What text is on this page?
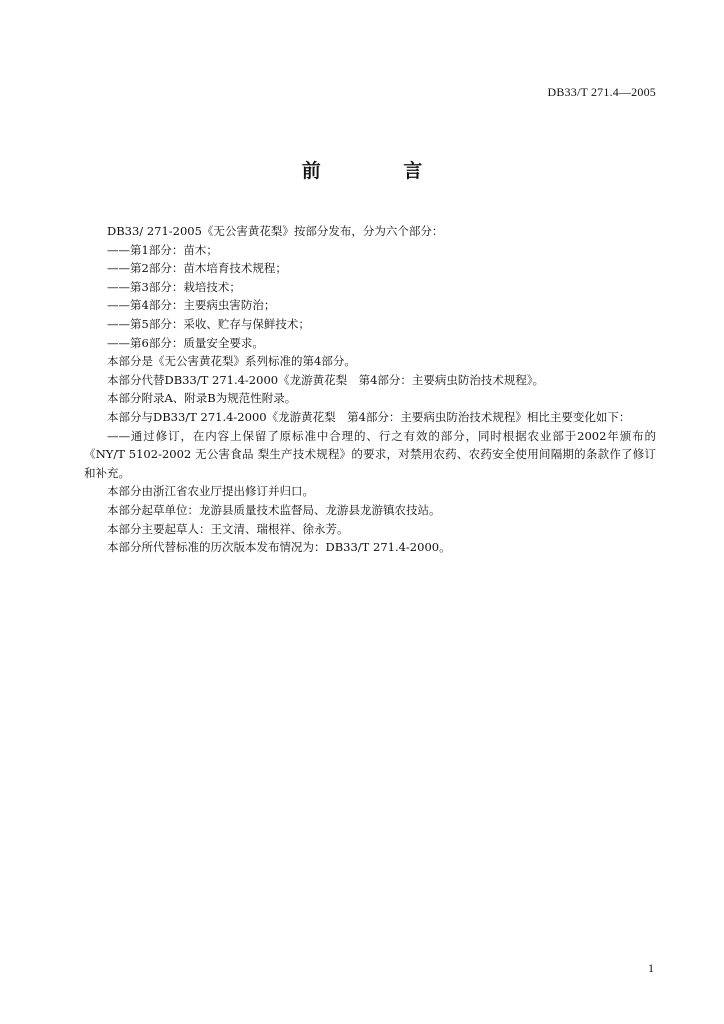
DB33/T 271.4—2005
前 言

DB33/ 271-2005《无公害黄花梨》按部分发布，分为六个部分：

——第1部分：苗木；

——第2部分：苗木培育技术规程；

——第3部分：栽培技术；

——第4部分：主要病虫害防治；

——第5部分：采收、贮存与保鲜技术；

——第6部分：质量安全要求。

本部分是《无公害黄花梨》系列标准的第4部分。

本部分代替DB33/T 271.4-2000《龙游黄花梨　第4部分：主要病虫防治技术规程》。

本部分附录A、附录B为规范性附录。

本部分与DB33/T 271.4-2000《龙游黄花梨　第4部分：主要病虫防治技术规程》相比主要变化如下：

——通过修订，在内容上保留了原标准中合理的、行之有效的部分，同时根据农业部于2002年颁布的《NY/T 5102-2002 无公害食品 梨生产技术规程》的要求，对禁用农药、农药安全使用间隔期的条款作了修订和补充。

本部分由浙江省农业厅提出修订并归口。

本部分起草单位：龙游县质量技术监督局、龙游县龙游镇农技站。

本部分主要起草人：王文清、瑞根祥、徐永芳。

本部分所代替标准的历次版本发布情况为：DB33/T 271.4-2000。

1
